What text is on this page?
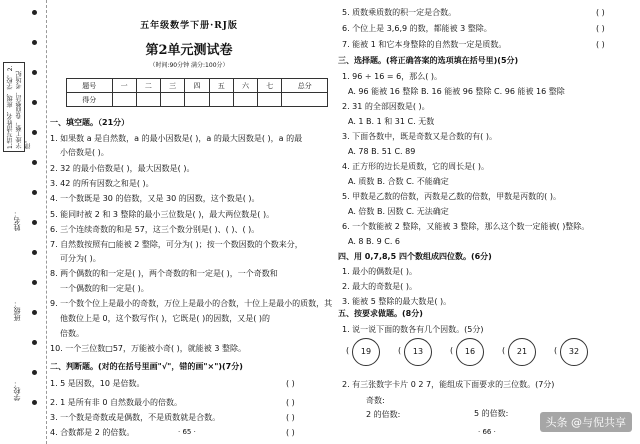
1.请写清姓名、班级、学校。2.字迹工整，卷面整洁，考场纪律。
学校：
班级：
姓名：
五年级数学下册·RJ版
第2单元测试卷
（时间:90分钟 满分:100分）
题号	一	二	三	四	五	六	七	总分
得分								
一、填空题。（21分）
1. 如果数 a 是自然数，a 的最小因数是( )，a 的最大因数是( )，a 的最
小倍数是( )。
2. 32 的最小倍数是( )，最大因数是( )。
3. 42 的所有因数之和是( )。
4. 一个数既是 30 的倍数，又是 30 的因数，这个数是( )。
5. 能同时被 2 和 3 整除的最小三位数是( )，最大两位数是( )。
6. 三个连续奇数的和是 57，这三个数分别是( )、( )、( )。
7. 自然数按照有□能被 2 整除，可分为( )；按一个数因数的个数来分，
可分为( )。
8. 两个偶数的和一定是( )，两个奇数的和一定是( )，一个奇数和
一个偶数的和一定是( )。
9. 一个数个位上是最小的奇数，万位上是最小的合数，十位上是最小的质数，其
他数位上是 0，这个数写作( )，它既是( )的因数，又是( )的
倍数。
10. 一个三位数□57，万能被小奇( )，就能被 3 整除。
二、判断题。(对的在括号里画"√"，错的画"×")(7分)
1. 5 是因数，10 是倍数。
2. 1 是所有非 0 自然数最小的倍数。
3. 一个数是奇数或是偶数，不是质数就是合数。
4. 合数都是 2 的倍数。
( )
( )
( )
( )
· 65 ·
5. 质数乘质数的积一定是合数。
6. 个位上是 3,6,9 的数，都能被 3 整除。
7. 能被 1 和它本身整除的自然数一定是质数。
三、选择题。(将正确答案的选项填在括号里)(5分)
1. 96 ÷ 16 = 6，那么( )。
A. 96 能被 16 整除 B. 16 能被 96 整除 C. 96 能被 16 整除
2. 31 的全部因数是( )。
A. 1 B. 1 和 31 C. 无数
3. 下面各数中，既是奇数又是合数的有( )。
A. 78 B. 51 C. 89
4. 正方形的边长是质数，它的周长是( )。
A. 质数 B. 合数 C. 不能确定
5. 甲数是乙数的倍数，丙数是乙数的倍数，甲数是丙数的( )。
A. 倍数 B. 因数 C. 无法确定
6. 一个数能被 2 整除，又能被 3 整除，那么这个数一定能被( )整除。
A. 8 B. 9 C. 6
四、用 0,7,8,5 四个数组成四位数。(6分)
1. 最小的偶数是( )。
2. 最大的奇数是( )。
3. 能被 5 整除的最大数是( )。
五、按要求做题。(8分)
1. 说一说下面的数各有几个因数。(5分)
2. 有三张数字卡片 0 2 7，能组成下面要求的三位数。(7分)
奇数:
2 的倍数:
( )
( )
( )
19
(	13
(	16
(	21
(	32
(
5 的倍数:
· 66 ·
头条 @与倪共享
